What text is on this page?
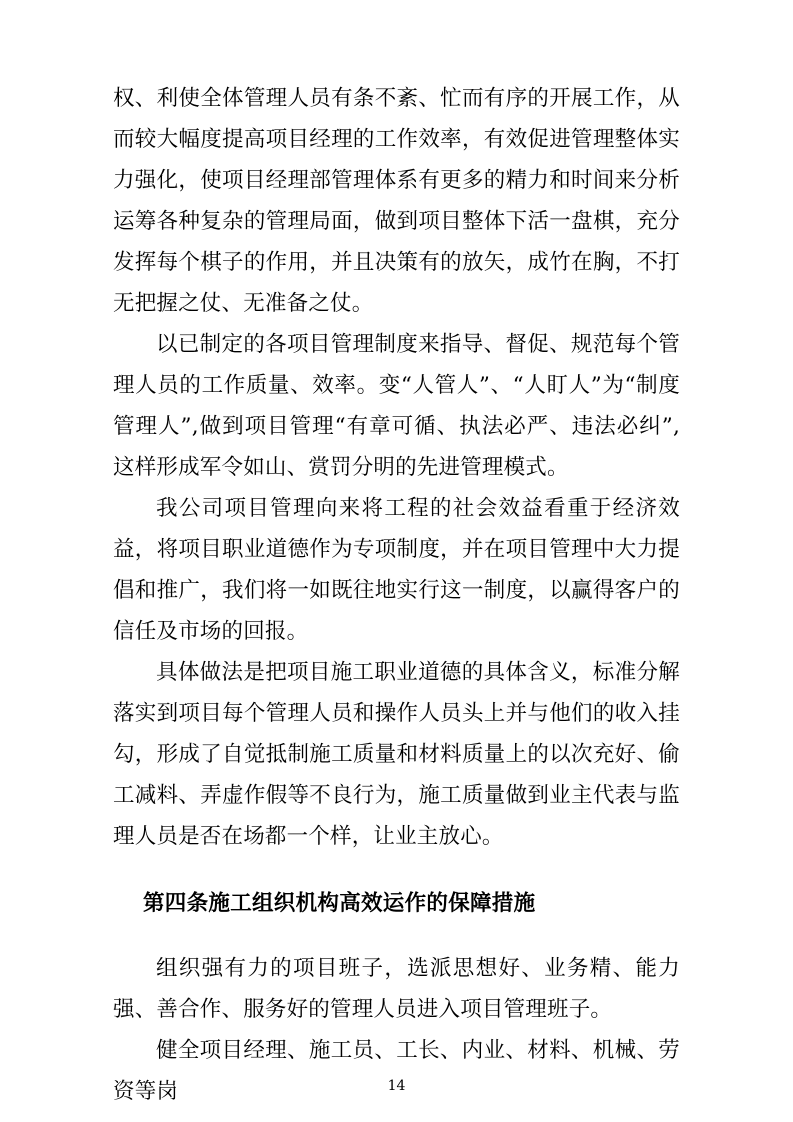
权、利使全体管理人员有条不紊、忙而有序的开展工作，从而较大幅度提高项目经理的工作效率，有效促进管理整体实力强化，使项目经理部管理体系有更多的精力和时间来分析运筹各种复杂的管理局面，做到项目整体下活一盘棋，充分发挥每个棋子的作用，并且决策有的放矢，成竹在胸，不打无把握之仗、无准备之仗。

以已制定的各项目管理制度来指导、督促、规范每个管理人员的工作质量、效率。变“人管人”、“人盯人”为“制度管理人”,做到项目管理“有章可循、执法必严、违法必纠”,这样形成军令如山、赏罚分明的先进管理模式。

我公司项目管理向来将工程的社会效益看重于经济效益，将项目职业道德作为专项制度，并在项目管理中大力提倡和推广，我们将一如既往地实行这一制度，以赢得客户的信任及市场的回报。

具体做法是把项目施工职业道德的具体含义，标准分解落实到项目每个管理人员和操作人员头上并与他们的收入挂勾，形成了自觉抵制施工质量和材料质量上的以次充好、偷工减料、弄虚作假等不良行为，施工质量做到业主代表与监理人员是否在场都一个样，让业主放心。

第四条施工组织机构高效运作的保障措施

组织强有力的项目班子，选派思想好、业务精、能力强、善合作、服务好的管理人员进入项目管理班子。

健全项目经理、施工员、工长、内业、材料、机械、劳资等岗	14
